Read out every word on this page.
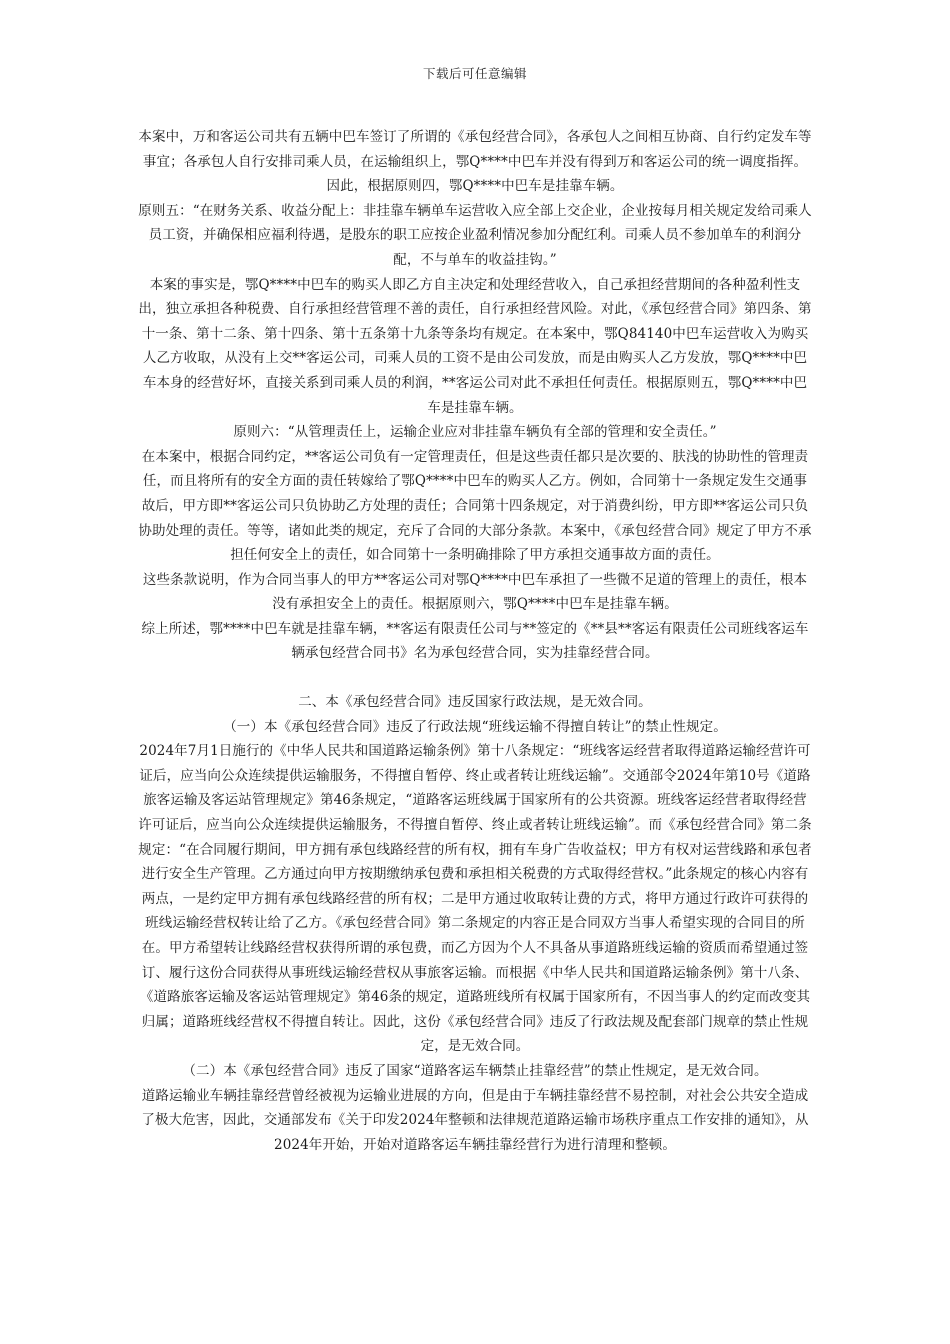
下载后可任意编辑

本案中，万和客运公司共有五辆中巴车签订了所谓的《承包经营合同》，各承包人之间相互协商、自行约定发车等事宜；各承包人自行安排司乘人员，在运输组织上，鄂Q****中巴车并没有得到万和客运公司的统一调度指挥。因此，根据原则四，鄂Q****中巴车是挂靠车辆。

原则五：“在财务关系、收益分配上：非挂靠车辆单车运营收入应全部上交企业，企业按每月相关规定发给司乘人员工资，并确保相应福利待遇，是股东的职工应按企业盈利情况参加分配红利。司乘人员不参加单车的利润分配，不与单车的收益挂钩。”

本案的事实是，鄂Q****中巴车的购买人即乙方自主决定和处理经营收入，自己承担经营期间的各种盈利性支出，独立承担各种税费、自行承担经营管理不善的责任，自行承担经营风险。对此，《承包经营合同》第四条、第十一条、第十二条、第十四条、第十五条第十九条等条均有规定。在本案中，鄂Q84140中巴车运营收入为购买人乙方收取，从没有上交**客运公司，司乘人员的工资不是由公司发放，而是由购买人乙方发放，鄂Q****中巴车本身的经营好坏，直接关系到司乘人员的利润，**客运公司对此不承担任何责任。根据原则五，鄂Q****中巴车是挂靠车辆。

原则六：“从管理责任上，运输企业应对非挂靠车辆负有全部的管理和安全责任。”

在本案中，根据合同约定，**客运公司负有一定管理责任，但是这些责任都只是次要的、肤浅的协助性的管理责任，而且将所有的安全方面的责任转嫁给了鄂Q****中巴车的购买人乙方。例如，合同第十一条规定发生交通事故后，甲方即**客运公司只负协助乙方处理的责任；合同第十四条规定，对于消费纠纷，甲方即**客运公司只负协助处理的责任。等等，诸如此类的规定，充斥了合同的大部分条款。本案中，《承包经营合同》规定了甲方不承担任何安全上的责任，如合同第十一条明确排除了甲方承担交通事故方面的责任。

这些条款说明，作为合同当事人的甲方**客运公司对鄂Q****中巴车承担了一些微不足道的管理上的责任，根本没有承担安全上的责任。根据原则六，鄂Q****中巴车是挂靠车辆。

综上所述，鄂****中巴车就是挂靠车辆，**客运有限责任公司与**签定的《**县**客运有限责任公司班线客运车辆承包经营合同书》名为承包经营合同，实为挂靠经营合同。

二、本《承包经营合同》违反国家行政法规，是无效合同。

（一）本《承包经营合同》违反了行政法规“班线运输不得擅自转让”的禁止性规定。

2024年7月1日施行的《中华人民共和国道路运输条例》第十八条规定：“班线客运经营者取得道路运输经营许可证后，应当向公众连续提供运输服务，不得擅自暂停、终止或者转让班线运输”。交通部令2024年第10号《道路旅客运输及客运站管理规定》第46条规定，“道路客运班线属于国家所有的公共资源。班线客运经营者取得经营许可证后，应当向公众连续提供运输服务，不得擅自暂停、终止或者转让班线运输”。而《承包经营合同》第二条规定：“在合同履行期间，甲方拥有承包线路经营的所有权，拥有车身广告收益权；甲方有权对运营线路和承包者进行安全生产管理。乙方通过向甲方按期缴纳承包费和承担相关税费的方式取得经营权。”此条规定的核心内容有两点，一是约定甲方拥有承包线路经营的所有权；二是甲方通过收取转让费的方式，将甲方通过行政许可获得的班线运输经营权转让给了乙方。《承包经营合同》第二条规定的内容正是合同双方当事人希望实现的合同目的所在。甲方希望转让线路经营权获得所谓的承包费，而乙方因为个人不具备从事道路班线运输的资质而希望通过签订、履行这份合同获得从事班线运输经营权从事旅客运输。而根据《中华人民共和国道路运输条例》第十八条、《道路旅客运输及客运站管理规定》第46条的规定，道路班线所有权属于国家所有，不因当事人的约定而改变其归属；道路班线经营权不得擅自转让。因此，这份《承包经营合同》违反了行政法规及配套部门规章的禁止性规定，是无效合同。

（二）本《承包经营合同》违反了国家“道路客运车辆禁止挂靠经营”的禁止性规定，是无效合同。

道路运输业车辆挂靠经营曾经被视为运输业进展的方向，但是由于车辆挂靠经营不易控制，对社会公共安全造成了极大危害，因此，交通部发布《关于印发2024年整顿和法律规范道路运输市场秩序重点工作安排的通知》，从2024年开始，开始对道路客运车辆挂靠经营行为进行清理和整顿。
